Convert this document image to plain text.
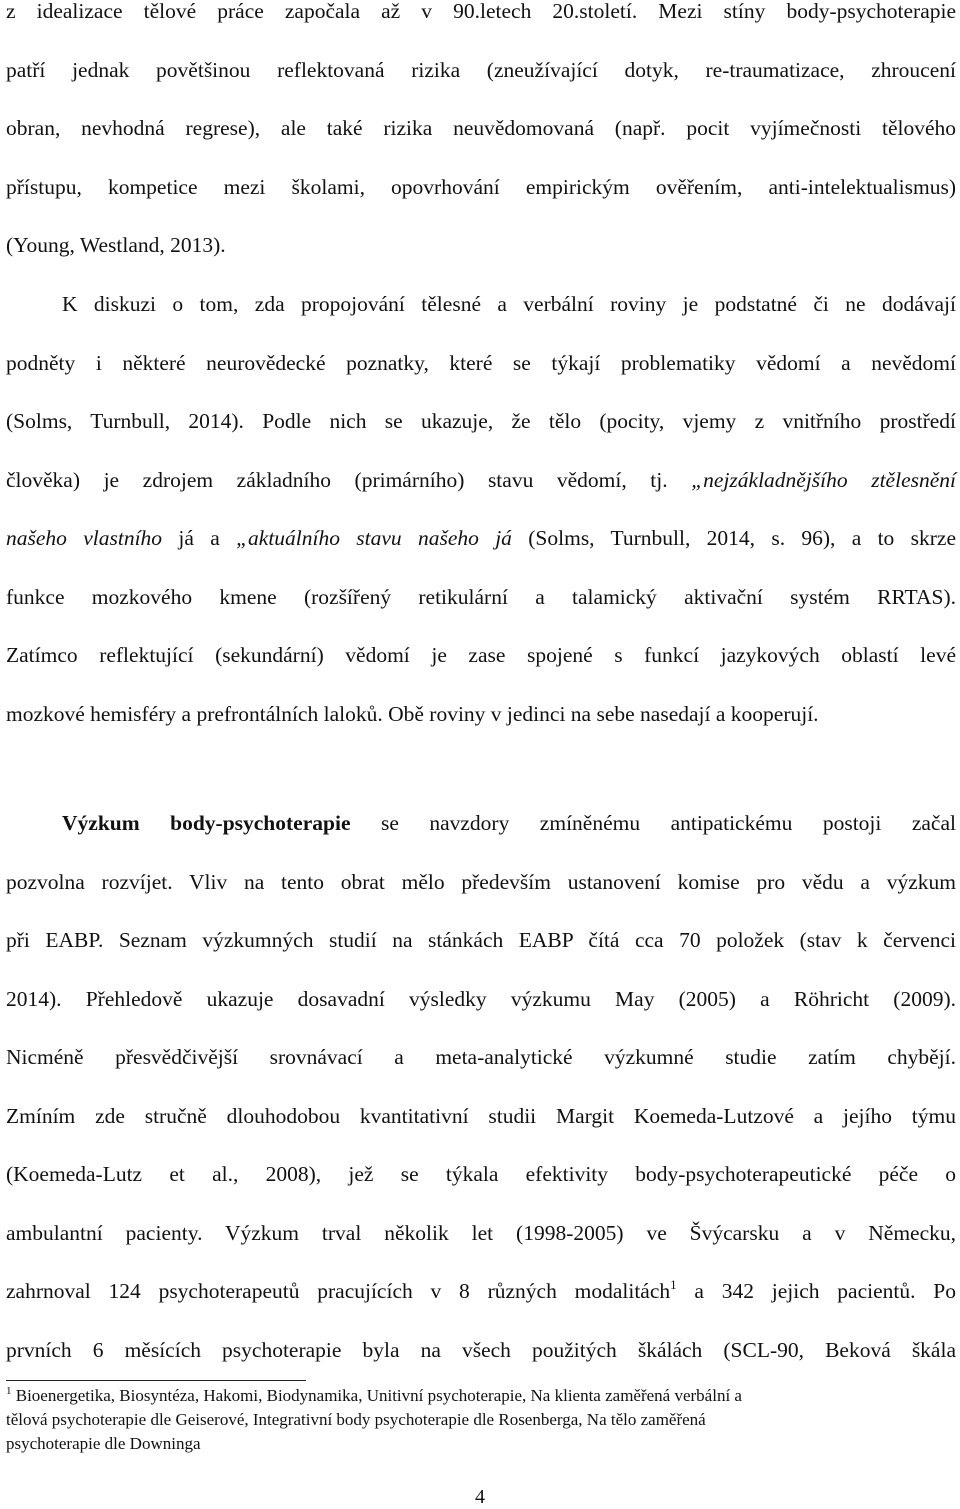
z idealizace tělové práce započala až v 90.letech 20.století. Mezi stíny body-psychoterapie
patří jednak povětšinou reflektovaná rizika (zneužívající dotyk, re-traumatizace, zhroucení
obran, nevhodná regrese), ale také rizika neuvědomovaná (např. pocit vyjímečnosti tělového
přístupu, kompetice mezi školami, opovrhování empirickým ověřením, anti-intelektualismus)
(Young, Westland, 2013).
K diskuzi o tom, zda propojování tělesné a verbální roviny je podstatné či ne dodávají
podněty i některé neurovědecké poznatky, které se týkají problematiky vědomí a nevědomí
(Solms, Turnbull, 2014). Podle nich se ukazuje, že tělo (pocity, vjemy z vnitřního prostředí
člověka) je zdrojem základního (primárního) stavu vědomí, tj. „nejzákladnějšího ztělesnění
našeho vlastního já a „aktuálního stavu našeho já (Solms, Turnbull, 2014, s. 96), a to skrze
funkce mozkového kmene (rozšířený retikulární a talamický aktivační systém RRTAS).
Zatímco reflektující (sekundární) vědomí je zase spojené s funkcí jazykových oblastí levé
mozkové hemisféry a prefrontálních laloků. Obě roviny v jedinci na sebe nasedají a kooperují.
Výzkum body-psychoterapie se navzdory zmíněnému antipatickému postoji začal
pozvolna rozvíjet. Vliv na tento obrat mělo především ustanovení komise pro vědu a výzkum
při EABP. Seznam výzkumných studií na stánkách EABP čítá cca 70 položek (stav k červenci
2014). Přehledově ukazuje dosavadní výsledky výzkumu May (2005) a Röhricht (2009).
Nicméně přesvědčivější srovnávací a meta-analytické výzkumné studie zatím chybějí.
Zmíním zde stručně dlouhodobou kvantitativní studii Margit Koemeda-Lutzové a jejího týmu
(Koemeda-Lutz et al., 2008), jež se týkala efektivity body-psychoterapeutické péče o
ambulantní pacienty. Výzkum trval několik let (1998-2005) ve Švýcarsku a v Německu,
zahrnoval 124 psychoterapeutů pracujících v 8 různých modalitách$^1$ a 342 jejich pacientů. Po
prvních 6 měsících psychoterapie byla na všech použitých škálách (SCL-90, Beková škála
$^1$ Bioenergetika, Biosyntéza, Hakomi, Biodynamika, Unitivní psychoterapie, Na klienta zaměřená verbální a
tělová psychoterapie dle Geiserové, Integrativní body psychoterapie dle Rosenberga, Na tělo zaměřená
psychoterapie dle Downinga
4
